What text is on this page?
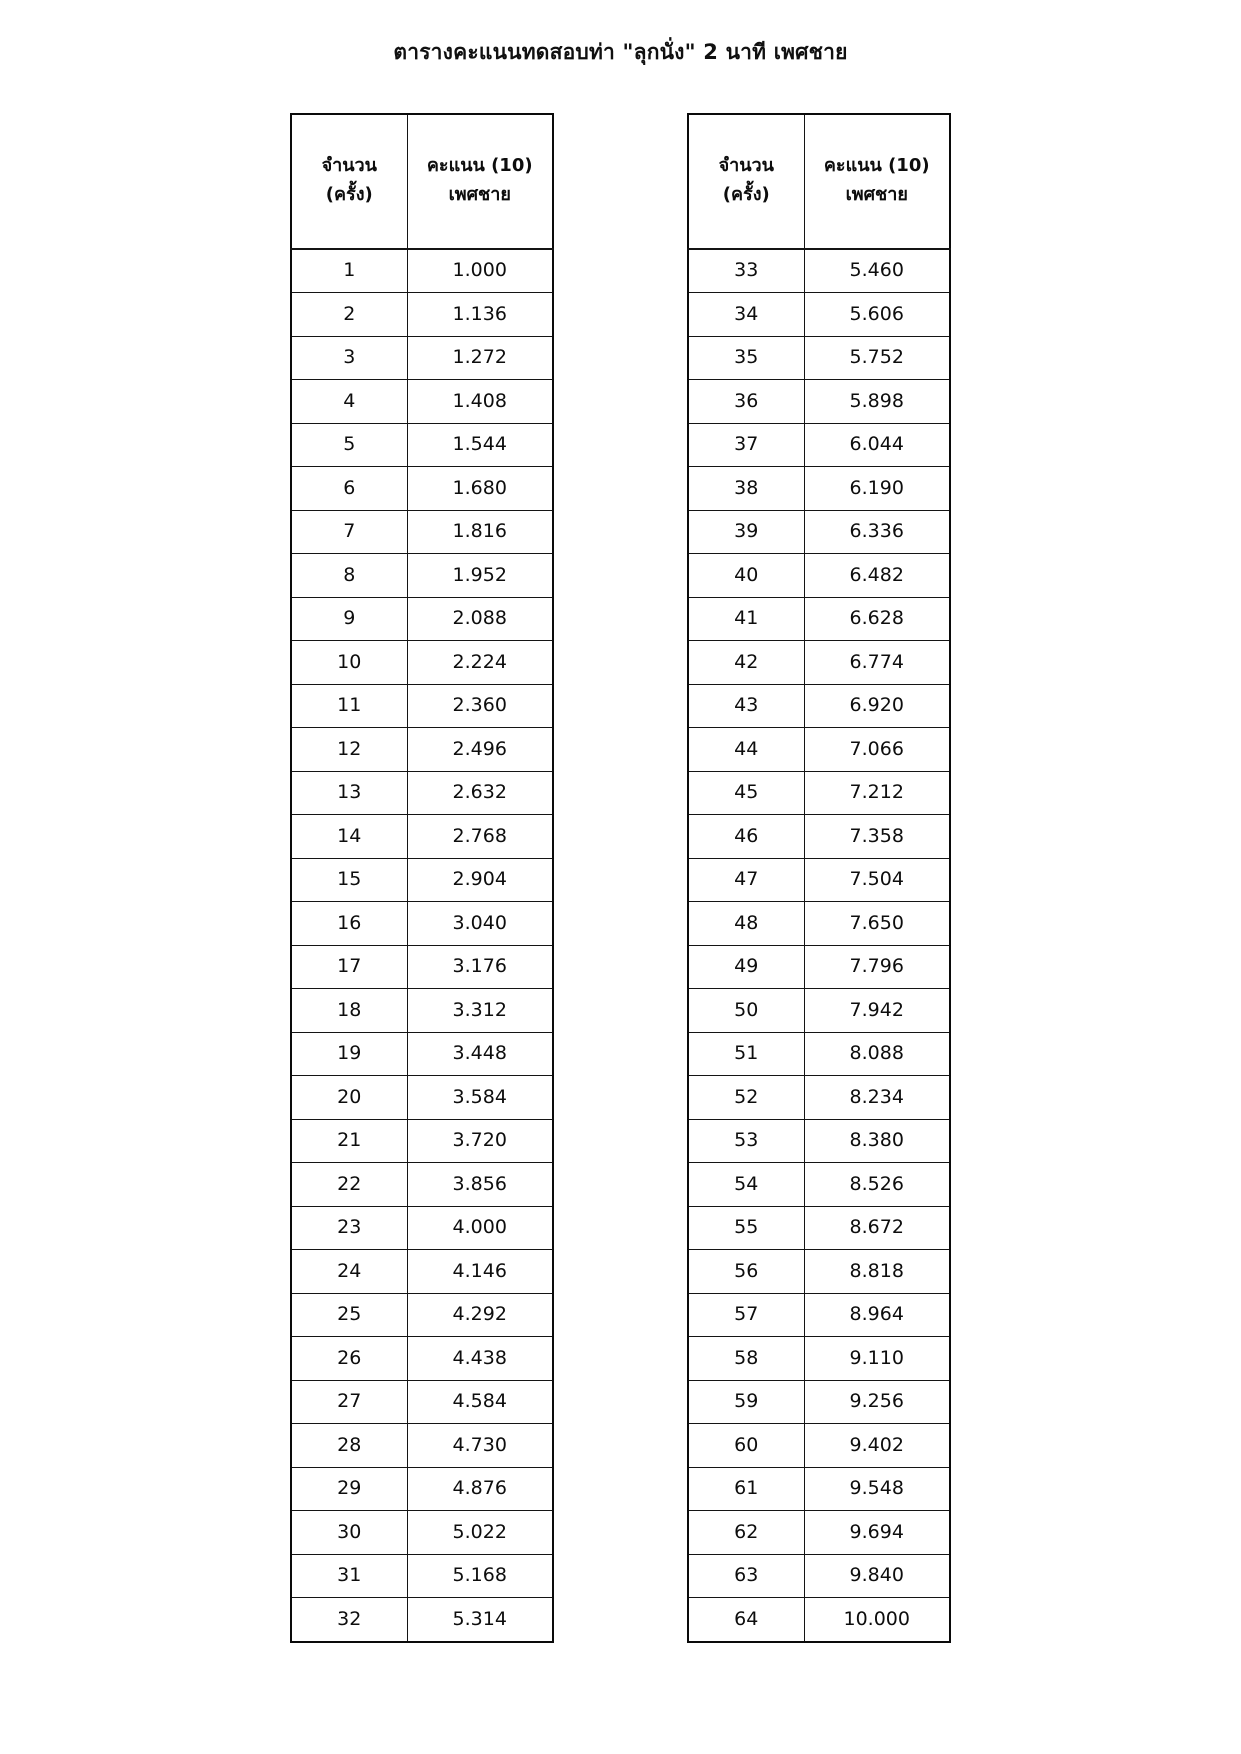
ตารางคะแนนทดสอบท่า "ลุกนั่ง" 2 นาที เพศชาย

จำนวน

(ครั้ง)	คะแนน (10)

เพศชาย

1	1.000
2	1.136
3	1.272
4	1.408
5	1.544
6	1.680
7	1.816
8	1.952
9	2.088
10	2.224
11	2.360
12	2.496
13	2.632
14	2.768
15	2.904
16	3.040
17	3.176
18	3.312
19	3.448
20	3.584
21	3.720
22	3.856
23	4.000
24	4.146
25	4.292
26	4.438
27	4.584
28	4.730
29	4.876
30	5.022
31	5.168
32	5.314

จำนวน

(ครั้ง)	คะแนน (10)

เพศชาย

33	5.460
34	5.606
35	5.752
36	5.898
37	6.044
38	6.190
39	6.336
40	6.482
41	6.628
42	6.774
43	6.920
44	7.066
45	7.212
46	7.358
47	7.504
48	7.650
49	7.796
50	7.942
51	8.088
52	8.234
53	8.380
54	8.526
55	8.672
56	8.818
57	8.964
58	9.110
59	9.256
60	9.402
61	9.548
62	9.694
63	9.840
64	10.000
